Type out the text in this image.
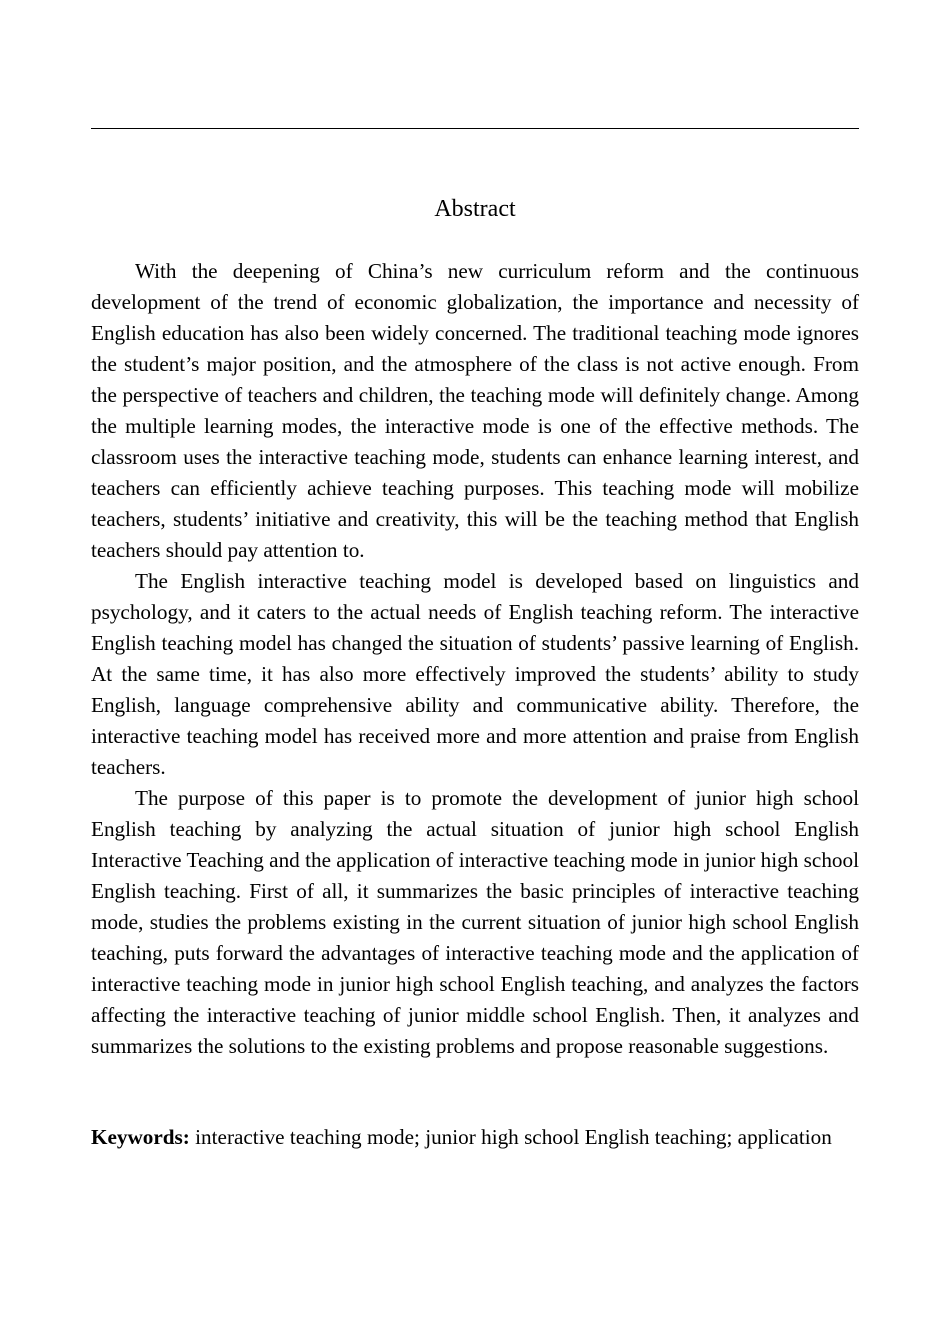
Abstract

With the deepening of China’s new curriculum reform and the continuous development of the trend of economic globalization, the importance and necessity of English education has also been widely concerned. The traditional teaching mode ignores the student’s major position, and the atmosphere of the class is not active enough. From the perspective of teachers and children, the teaching mode will definitely change. Among the multiple learning modes, the interactive mode is one of the effective methods. The classroom uses the interactive teaching mode, students can enhance learning interest, and teachers can efficiently achieve teaching purposes. This teaching mode will mobilize teachers, students’ initiative and creativity, this will be the teaching method that English teachers should pay attention to.

The English interactive teaching model is developed based on linguistics and psychology, and it caters to the actual needs of English teaching reform. The interactive English teaching model has changed the situation of students’ passive learning of English. At the same time, it has also more effectively improved the students’ ability to study English, language comprehensive ability and communicative ability. Therefore, the interactive teaching model has received more and more attention and praise from English teachers.

The purpose of this paper is to promote the development of junior high school English teaching by analyzing the actual situation of junior high school English Interactive Teaching and the application of interactive teaching mode in junior high school English teaching. First of all, it summarizes the basic principles of interactive teaching mode, studies the problems existing in the current situation of junior high school English teaching, puts forward the advantages of interactive teaching mode and the application of interactive teaching mode in junior high school English teaching, and analyzes the factors affecting the interactive teaching of junior middle school English. Then, it analyzes and summarizes the solutions to the existing problems and propose reasonable suggestions.

Keywords: interactive teaching mode; junior high school English teaching; application
